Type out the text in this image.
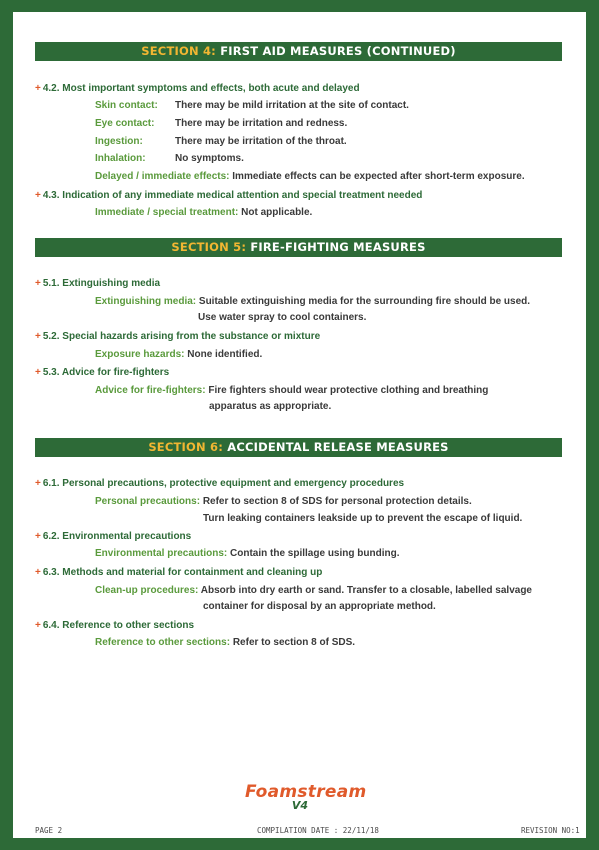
SECTION 4: FIRST AID MEASURES (CONTINUED)
+ 4.2. Most important symptoms and effects, both acute and delayed
Skin contact: There may be mild irritation at the site of contact.
Eye contact: There may be irritation and redness.
Ingestion:	There may be irritation of the throat.
Inhalation:	No symptoms.
Delayed / immediate effects: Immediate effects can be expected after short-term exposure.
+ 4.3. Indication of any immediate medical attention and special treatment needed
Immediate / special treatment: Not applicable.
SECTION 5: FIRE-FIGHTING MEASURES
+ 5.1. Extinguishing media
Extinguishing media: Suitable extinguishing media for the surrounding fire should be used.
Use water spray to cool containers.
+ 5.2. Special hazards arising from the substance or mixture
Exposure hazards: None identified.
+ 5.3. Advice for fire-fighters
Advice for fire-fighters: Fire fighters should wear protective clothing and breathing
apparatus as appropriate.
SECTION 6: ACCIDENTAL RELEASE MEASURES
+ 6.1. Personal precautions, protective equipment and emergency procedures
Personal precautions: Refer to section 8 of SDS for personal protection details.
Turn leaking containers leakside up to prevent the escape of liquid.
+ 6.2. Environmental precautions
Environmental precautions: Contain the spillage using bunding.
+ 6.3. Methods and material for containment and cleaning up
Clean-up procedures: Absorb into dry earth or sand. Transfer to a closable, labelled salvage
container for disposal by an appropriate method.
+ 6.4. Reference to other sections
Reference to other sections: Refer to section 8 of SDS.
Foamstream
V4
PAGE 2	COMPILATION DATE : 22/11/18	REVISION NO:1
